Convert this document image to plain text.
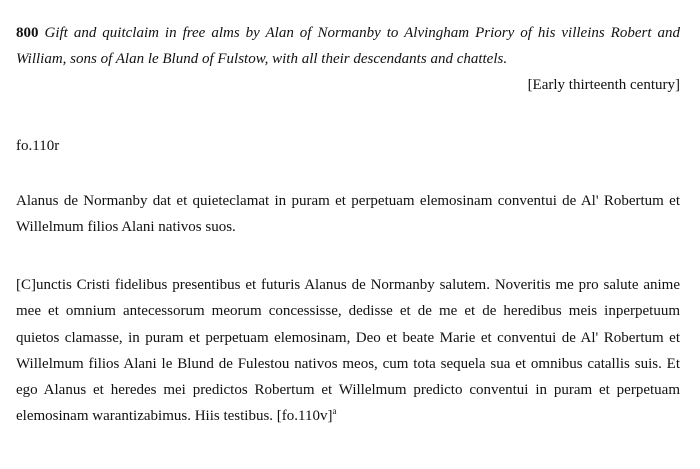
800 Gift and quitclaim in free alms by Alan of Normanby to Alvingham Priory of his villeins Robert and William, sons of Alan le Blund of Fulstow, with all their descendants and chattels.

[Early thirteenth century]

fo.110r

Alanus de Normanby dat et quieteclamat in puram et perpetuam elemosinam conventui de Al' Robertum et Willelmum filios Alani nativos suos.

[C]unctis Cristi fidelibus presentibus et futuris Alanus de Normanby salutem. Noveritis me pro salute anime mee et omnium antecessorum meorum concessisse, dedisse et de me et de heredibus meis inperpetuum quietos clamasse, in puram et perpetuam elemosinam, Deo et beate Marie et conventui de Al' Robertum et Willelmum filios Alani le Blund de Fulestou nativos meos, cum tota sequela sua et omnibus catallis suis. Et ego Alanus et heredes mei predictos Robertum et Willelmum predicto conventui in puram et perpetuam elemosinam warantizabimus. Hiis testibus. $[fo.110v]^a$
